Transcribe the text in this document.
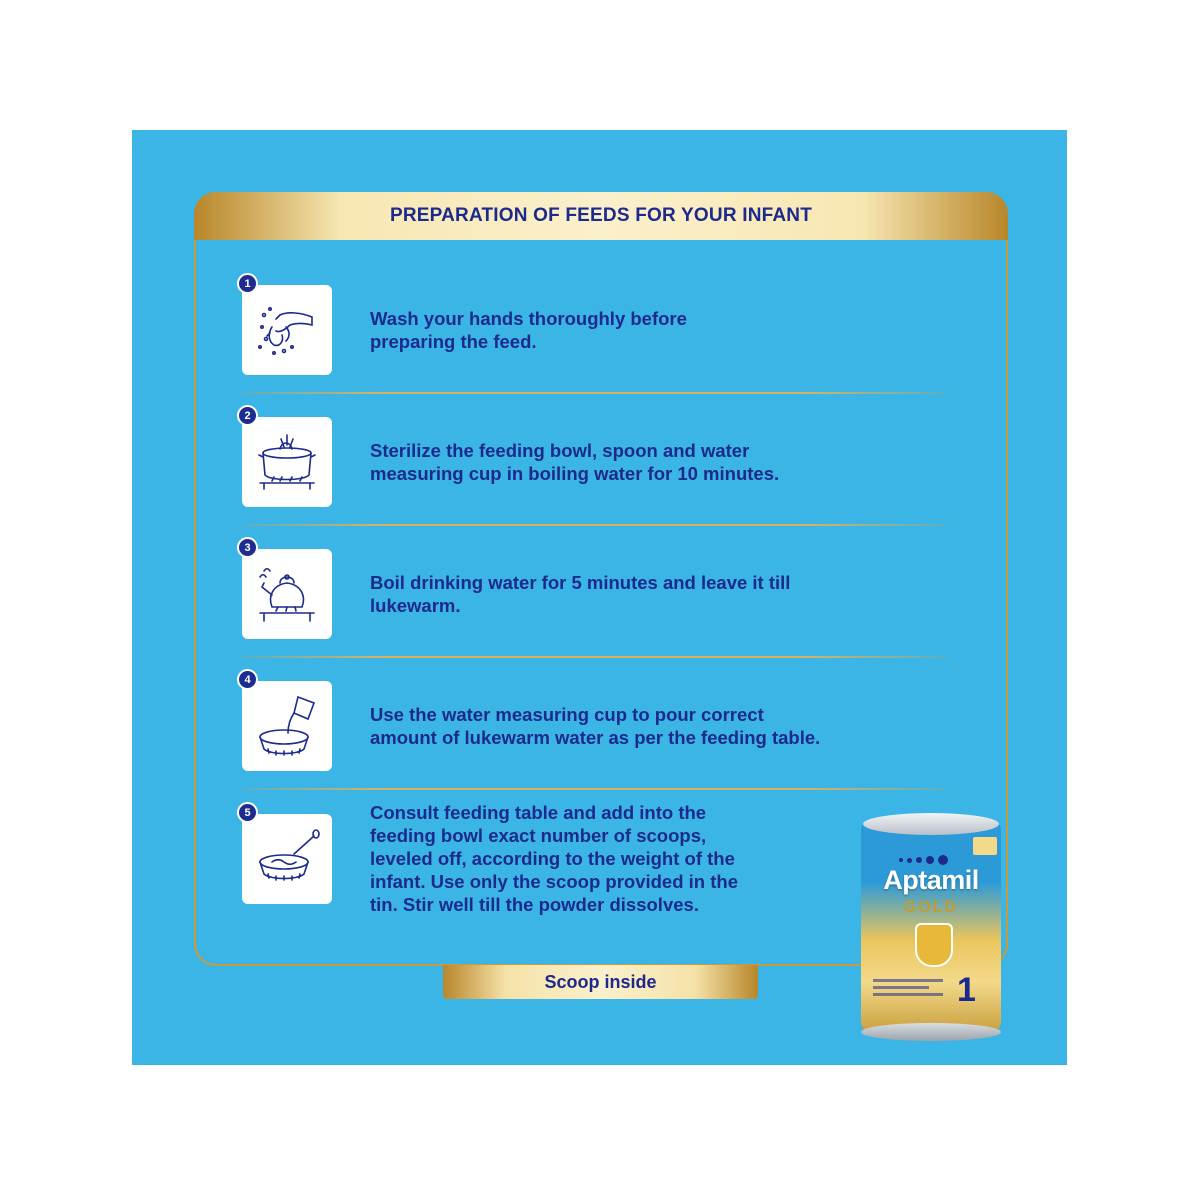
PREPARATION OF FEEDS FOR YOUR INFANT
1
Wash your hands thoroughly before
preparing the feed.
2
Sterilize the feeding bowl, spoon and water
measuring cup in boiling water for 10 minutes.
3
Boil drinking water for 5 minutes and leave it till
lukewarm.
4
Use the water measuring cup to pour correct
amount of lukewarm water as per the feeding table.
5	Consult feeding table and add into the
feeding bowl exact number of scoops,
leveled off, according to the weight of the
infant. Use only the scoop provided in the
tin. Stir well till the powder dissolves.
Scoop inside
Aptamil
GOLD
1
